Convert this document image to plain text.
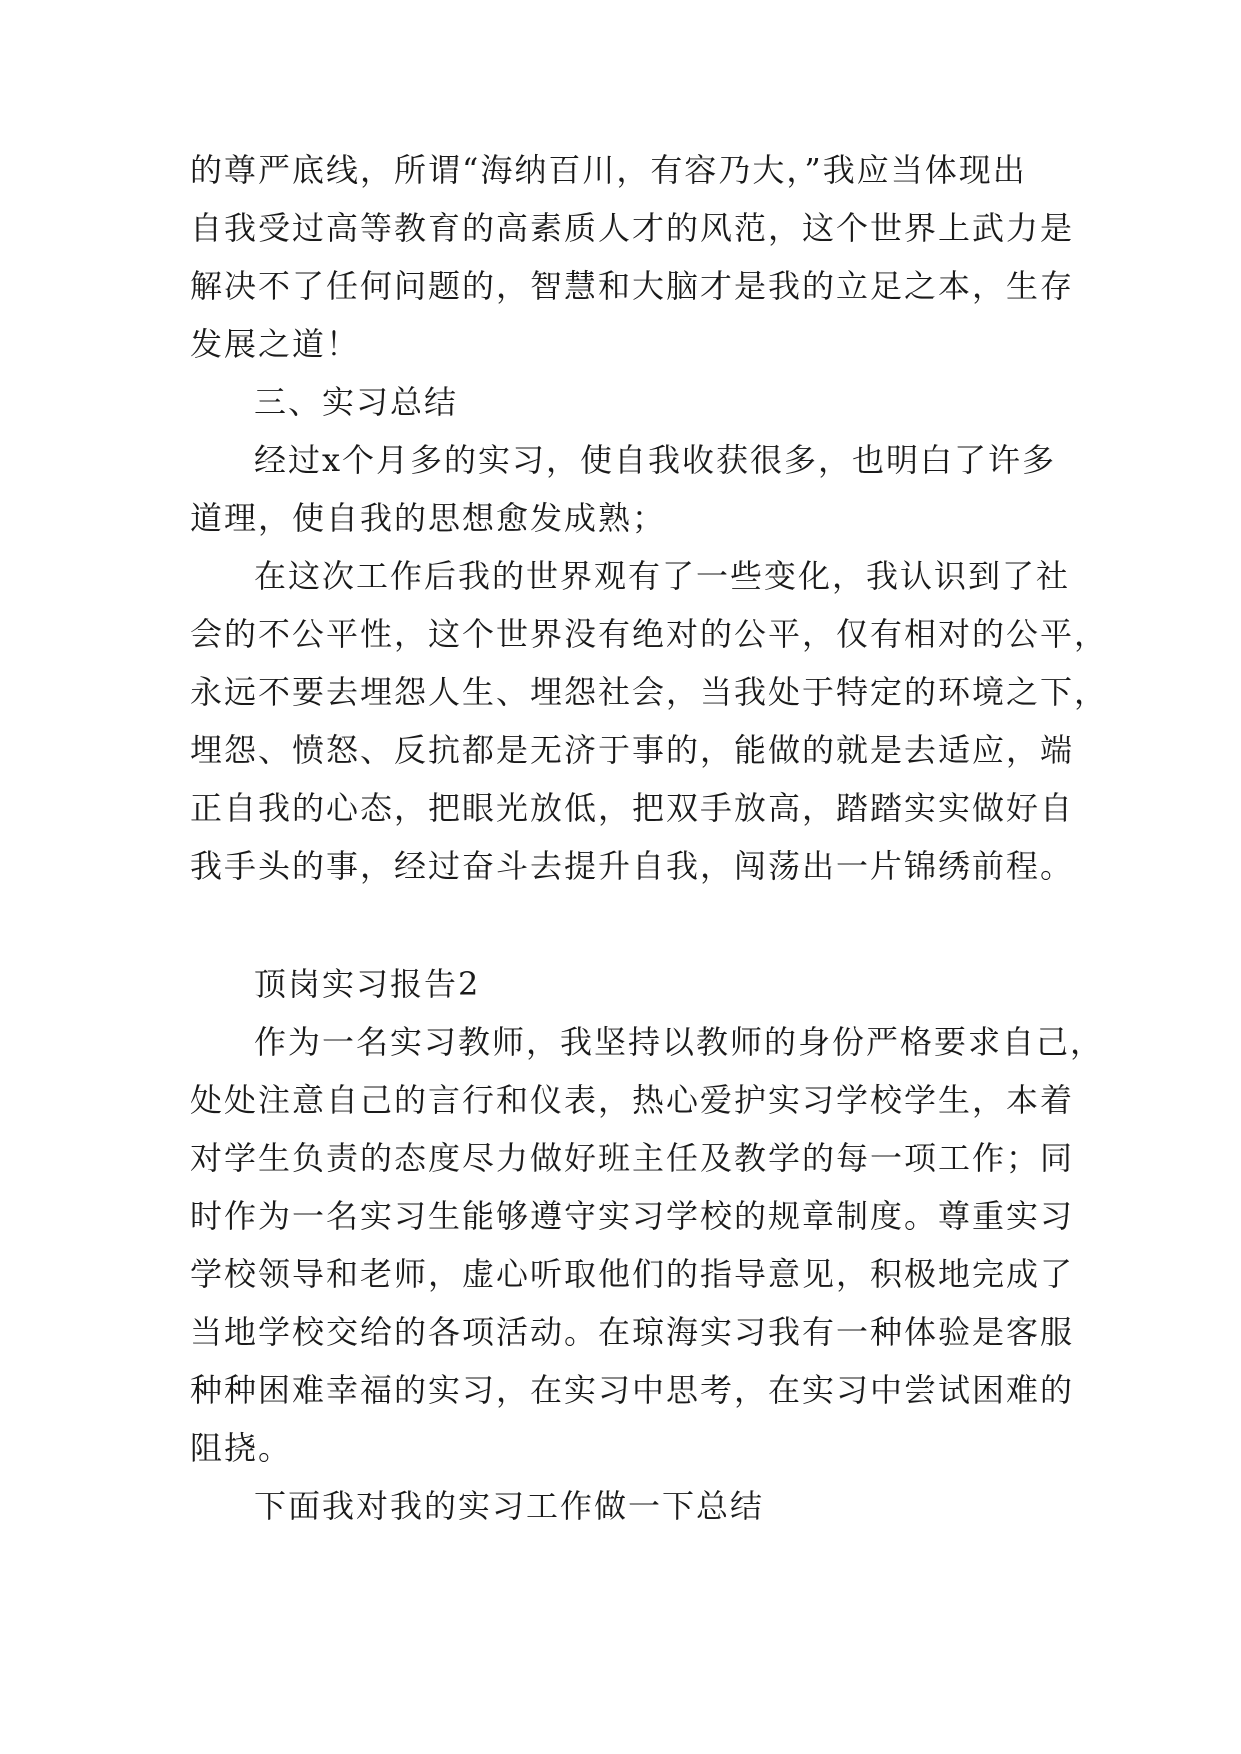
的尊严底线，所谓“海纳百川，有容乃大，”我应当体现出
自我受过高等教育的高素质人才的风范，这个世界上武力是
解决不了任何问题的，智慧和大脑才是我的立足之本，生存
发展之道！
三、实习总结
经过x个月多的实习，使自我收获很多，也明白了许多
道理，使自我的思想愈发成熟；
在这次工作后我的世界观有了一些变化，我认识到了社
会的不公平性，这个世界没有绝对的公平，仅有相对的公平，
永远不要去埋怨人生、埋怨社会，当我处于特定的环境之下，
埋怨、愤怒、反抗都是无济于事的，能做的就是去适应，端
正自我的心态，把眼光放低，把双手放高，踏踏实实做好自
我手头的事，经过奋斗去提升自我，闯荡出一片锦绣前程。
顶岗实习报告2
作为一名实习教师，我坚持以教师的身份严格要求自己，
处处注意自己的言行和仪表，热心爱护实习学校学生，本着
对学生负责的态度尽力做好班主任及教学的每一项工作；同
时作为一名实习生能够遵守实习学校的规章制度。尊重实习
学校领导和老师，虚心听取他们的指导意见，积极地完成了
当地学校交给的各项活动。在琼海实习我有一种体验是客服
种种困难幸福的实习，在实习中思考，在实习中尝试困难的
阻挠。
下面我对我的实习工作做一下总结
